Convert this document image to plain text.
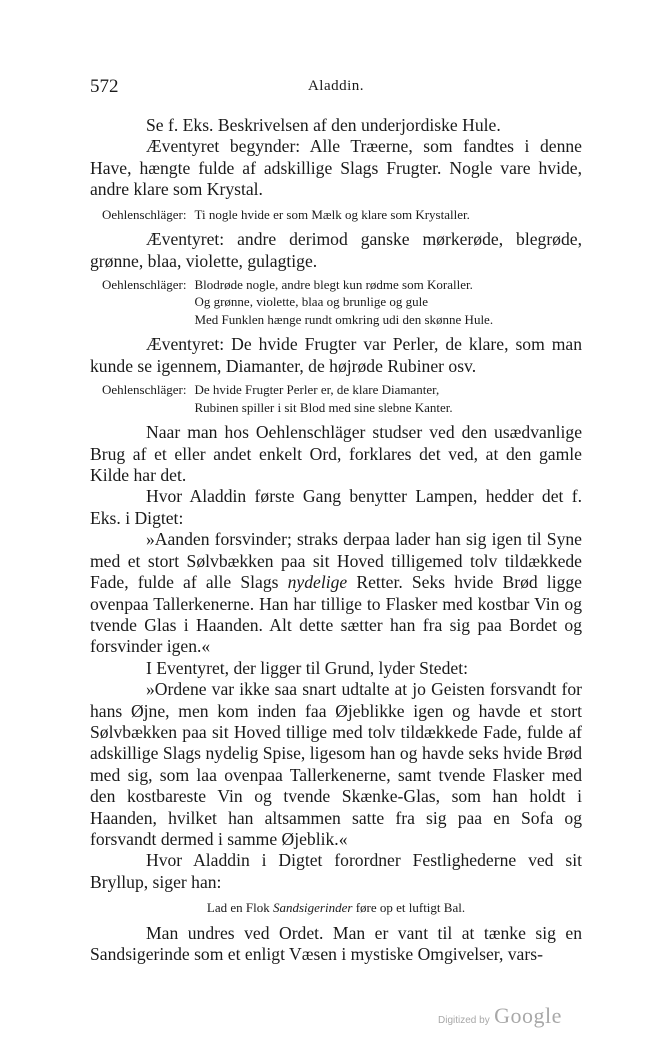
572	Aladdin.

Se f. Eks. Beskrivelsen af den underjordiske Hule.

Æventyret begynder: Alle Træerne, som fandtes i denne Have, hængte fulde af adskillige Slags Frugter. Nogle vare hvide, andre klare som Krystal.

Oehlenschläger: Ti nogle hvide er som Mælk og klare som Krystaller.

Æventyret: andre derimod ganske mørkerøde, blegrøde, grønne, blaa, violette, gulagtige.

Oehlenschläger: Blodrøde nogle, andre blegt kun rødme som Koraller.
Og grønne, violette, blaa og brunlige og gule
Med Funklen hænge rundt omkring udi den skønne Hule.

Æventyret: De hvide Frugter var Perler, de klare, som man kunde se igennem, Diamanter, de højrøde Rubiner osv.

Oehlenschläger: De hvide Frugter Perler er, de klare Diamanter,
Rubinen spiller i sit Blod med sine slebne Kanter.

Naar man hos Oehlenschläger studser ved den usædvanlige Brug af et eller andet enkelt Ord, forklares det ved, at den gamle Kilde har det.

Hvor Aladdin første Gang benytter Lampen, hedder det f. Eks. i Digtet:

»Aanden forsvinder; straks derpaa lader han sig igen til Syne med et stort Sølvbækken paa sit Hoved tilligemed tolv tildækkede Fade, fulde af alle Slags nydelige Retter. Seks hvide Brød ligge ovenpaa Tallerkenerne. Han har tillige to Flasker med kostbar Vin og tvende Glas i Haanden. Alt dette sætter han fra sig paa Bordet og forsvinder igen.«

I Eventyret, der ligger til Grund, lyder Stedet:

»Ordene var ikke saa snart udtalte at jo Geisten forsvandt for hans Øjne, men kom inden faa Øjeblikke igen og havde et stort Sølvbækken paa sit Hoved tillige med tolv tildækkede Fade, fulde af adskillige Slags nydelig Spise, ligesom han og havde seks hvide Brød med sig, som laa ovenpaa Tallerkenerne, samt tvende Flasker med den kostbareste Vin og tvende Skænke-Glas, som han holdt i Haanden, hvilket han altsammen satte fra sig paa en Sofa og forsvandt dermed i samme Øjeblik.«

Hvor Aladdin i Digtet forordner Festlighederne ved sit Bryllup, siger han:

Lad en Flok Sandsigerinder føre op et luftigt Bal.

Man undres ved Ordet. Man er vant til at tænke sig en Sandsigerinde som et enligt Væsen i mystiske Omgivelser, vars-

Digitized by Google
